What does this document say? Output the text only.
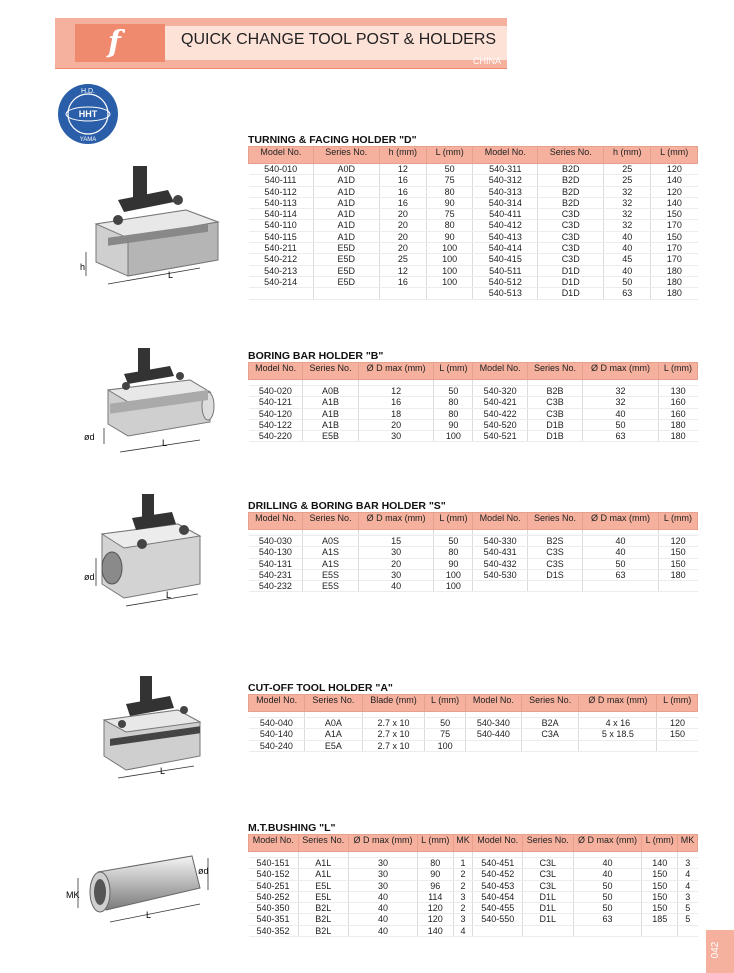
f	QUICK CHANGE TOOL POST & HOLDERS
CHINA
H.D.
HHT
YAMA	TURNING & FACING HOLDER "D"
Model No.	Series No.	h (mm)	L (mm)	Model No.	Series No.	h (mm)	L (mm)
540-010	A0D	12	50	540-311	B2D	25	120
540-111	A1D	16	75	540-312	B2D	25	140
540-112	A1D	16	80	540-313	B2D	32	120
540-113	A1D	16	90	540-314	B2D	32	140
540-114	A1D	20	75	540-411	C3D	32	150
540-110	A1D	20	80	540-412	C3D	32	170
540-115	A1D	20	90	540-413	C3D	40	150
540-211	E5D	20	100	540-414	C3D	40	170
540-212	E5D	25	100	540-415	C3D	45	170
540-213	E5D	12	100	540-511	D1D	40	180
540-214	E5D	16	100	540-512	D1D	50	180
				540-513	D1D	63	180
h
L
BORING BAR HOLDER "B"
Model No.	Series No.	Ø D max (mm)	L (mm)	Model No.	Series No.	Ø D max (mm)	L (mm)

540-020	A0B	12	50	540-320	B2B	32	130
540-121	A1B	16	80	540-421	C3B	32	160
540-120	A1B	18	80	540-422	C3B	40	160
540-122	A1B	20	90	540-520	D1B	50	180
540-220	E5B	30	100	540-521	D1B	63	180
ød
L
DRILLING & BORING BAR HOLDER "S"
Model No.	Series No.	Ø D max (mm)	L (mm)	Model No.	Series No.	Ø D max (mm)	L (mm)

540-030	A0S	15	50	540-330	B2S	40	120
540-130	A1S	30	80	540-431	C3S	40	150
540-131	A1S	20	90	540-432	C3S	50	150
540-231	E5S	30	100	540-530	D1S	63	180
540-232	E5S	40	100				
ød
L
CUT-OFF TOOL HOLDER "A"
Model No.	Series No.	Blade (mm)	L (mm)	Model No.	Series No.	Ø D max (mm)	L (mm)

540-040	A0A	2.7 x 10	50	540-340	B2A	4 x 16	120
540-140	A1A	2.7 x 10	75	540-440	C3A	5 x 18.5	150
540-240	E5A	2.7 x 10	100				
L
M.T.BUSHING "L"
Model No.	Series No.	Ø D max (mm)	L (mm)	MK	Model No.	Series No.	Ø D max (mm)	L (mm)	MK

540-151	A1L	30	80	1	540-451	C3L	40	140	3
540-152	A1L	30	90	2	540-452	C3L	40	150	4
540-251	E5L	30	96	2	540-453	C3L	50	150	4
540-252	E5L	40	114	3	540-454	D1L	50	150	3
540-350	B2L	40	120	2	540-455	D1L	50	150	5
540-351	B2L	40	120	3	540-550	D1L	63	185	5
540-352	B2L	40	140	4					
MK
L
ød
042
